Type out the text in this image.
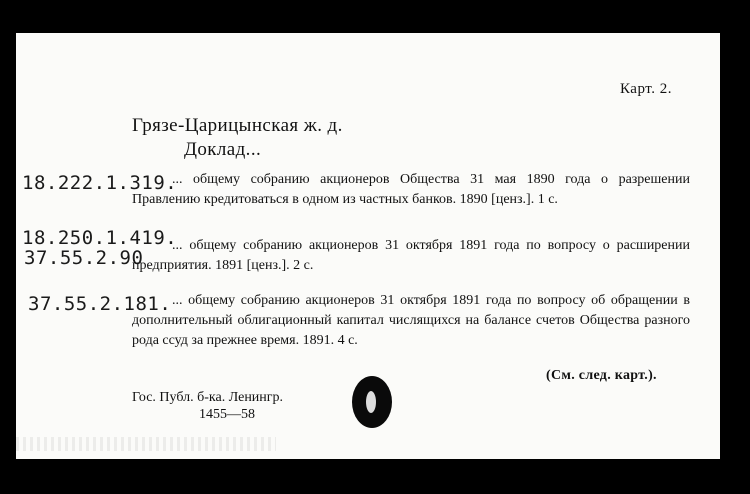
Карт. 2.
Грязе-Царицынская ж. д.
Доклад...
18.222.1.319.
... общему собранию акционеров Общества 31 мая 1890 года о разрешении Правлению кредитоваться в одном из частных банков. 1890 [ценз.]. 1 с.
18.250.1.419.
37.55.2.90
... общему собранию акционеров 31 октября 1891 года по вопросу о расширении предприятия. 1891 [ценз.]. 2 с.
37.55.2.181. ... общему собранию акционеров 31 октября 1891 года по вопросу об обращении в дополнительный облигационный капитал числящихся на балансе счетов Общества разного рода ссуд за прежнее время. 1891. 4 с.
(См. след. карт.).
Гос. Публ. б-ка. Ленингр.
1455—58
